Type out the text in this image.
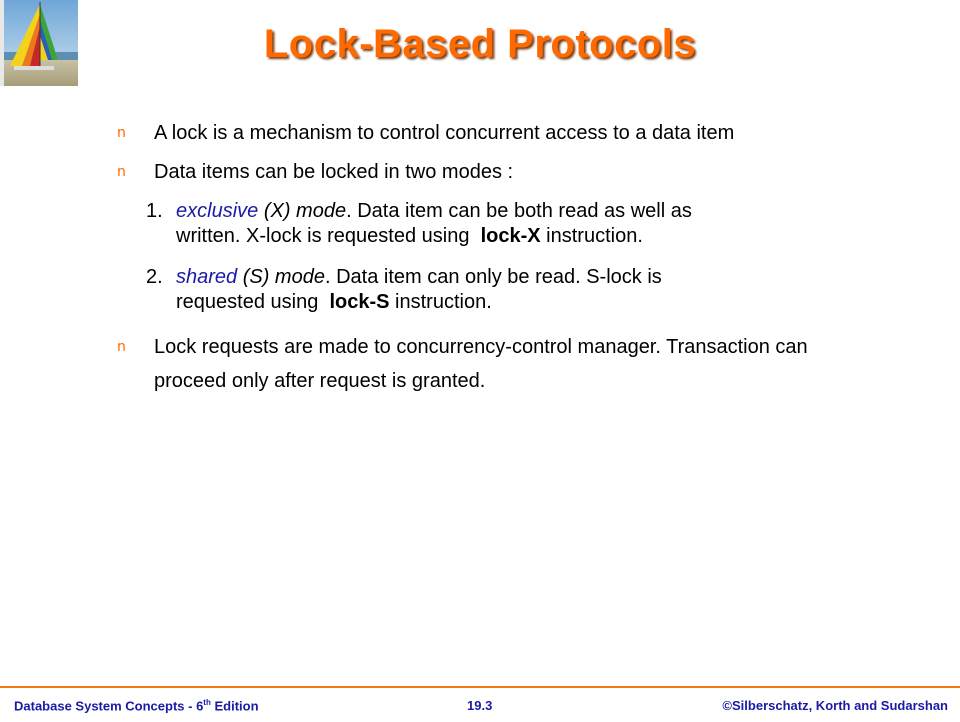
Lock-Based Protocols
n A lock is a mechanism to control concurrent access to a data item
n Data items can be locked in two modes :
1. exclusive (X) mode. Data item can be both read as well as
written. X-lock is requested using lock-X instruction.
2. shared (S) mode. Data item can only be read. S-lock is
requested using lock-S instruction.
n Lock requests are made to concurrency-control manager. Transaction can
proceed only after request is granted.
Database System Concepts - 6th Edition	19.3	©Silberschatz, Korth and Sudarshan
